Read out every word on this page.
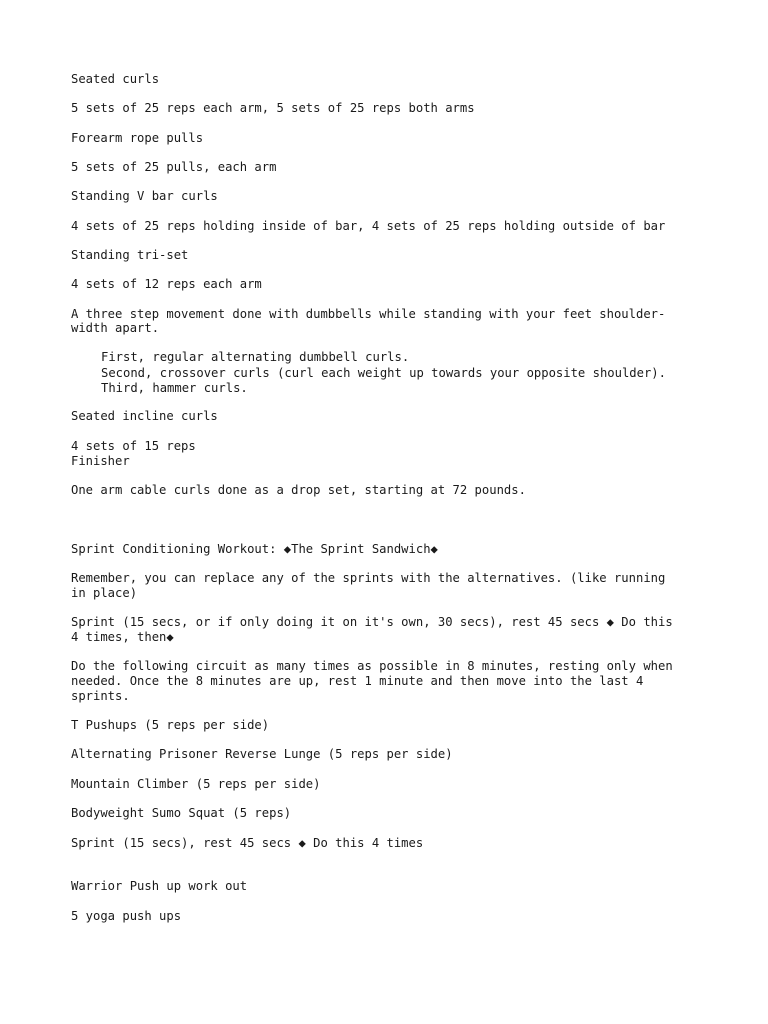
Seated curls
5 sets of 25 reps each arm, 5 sets of 25 reps both arms
Forearm rope pulls
5 sets of 25 pulls, each arm
Standing V bar curls
4 sets of 25 reps holding inside of bar, 4 sets of 25 reps holding outside of bar
Standing tri-set
4 sets of 12 reps each arm
A three step movement done with dumbbells while standing with your feet shoulder-
width apart.
First, regular alternating dumbbell curls.
Second, crossover curls (curl each weight up towards your opposite shoulder).
Third, hammer curls.
Seated incline curls
4 sets of 15 reps
Finisher
One arm cable curls done as a drop set, starting at 72 pounds.
Sprint Conditioning Workout: ◆The Sprint Sandwich◆
Remember, you can replace any of the sprints with the alternatives. (like running
in place)
Sprint (15 secs, or if only doing it on it's own, 30 secs), rest 45 secs ◆ Do this
4 times, then◆
Do the following circuit as many times as possible in 8 minutes, resting only when
needed. Once the 8 minutes are up, rest 1 minute and then move into the last 4
sprints.
T Pushups (5 reps per side)
Alternating Prisoner Reverse Lunge (5 reps per side)
Mountain Climber (5 reps per side)
Bodyweight Sumo Squat (5 reps)
Sprint (15 secs), rest 45 secs ◆ Do this 4 times
Warrior Push up work out
5 yoga push ups
